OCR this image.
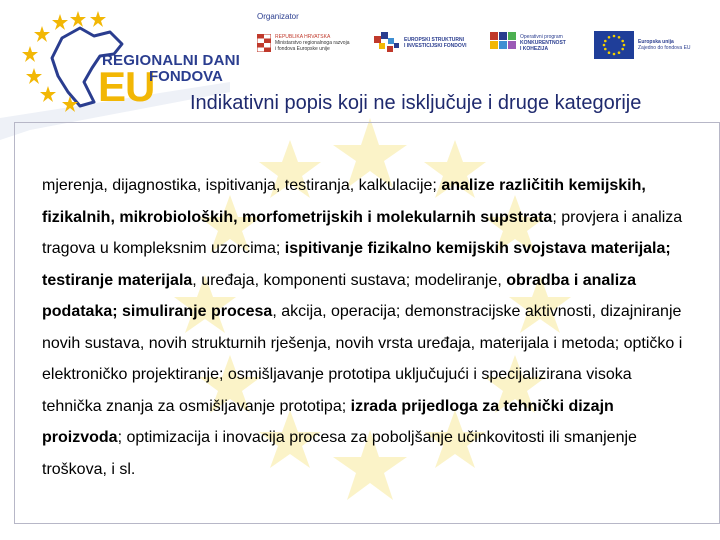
REGIONALNI DANI
EU
FONDOVA
Organizator
REPUBLIKA HRVATSKA
Ministarstvo regionalnoga razvoja
i fondova Europske unije
EUROPSKI STRUKTURNI
I INVESTICIJSKI FONDOVI
Operativni program
KONKURENTNOST
I KOHEZIJA
Europska unija
Zajedno do fondova EU
Indikativni popis koji ne isključuje i druge kategorije

mjerenja, dijagnostika, ispitivanja, testiranja, kalkulacije; analize različitih kemijskih, fizikalnih, mikrobioloških, morfometrijskih i molekularnih supstrata; provjera i analiza tragova u kompleksnim uzorcima; ispitivanje fizikalno kemijskih svojstava materijala; testiranje materijala, uređaja, komponenti sustava; modeliranje, obradba i analiza podataka; simuliranje procesa, akcija, operacija; demonstracijske aktivnosti, dizajniranje novih sustava, novih strukturnih rješenja, novih vrsta uređaja, materijala i metoda; optičko i elektroničko projektiranje; osmišljavanje prototipa uključujući i specijalizirana visoka tehnička znanja za osmišljavanje prototipa; izrada prijedloga za tehnički dizajn proizvoda; optimizacija i inovacija procesa za poboljšanje učinkovitosti ili smanjenje troškova, i sl.
